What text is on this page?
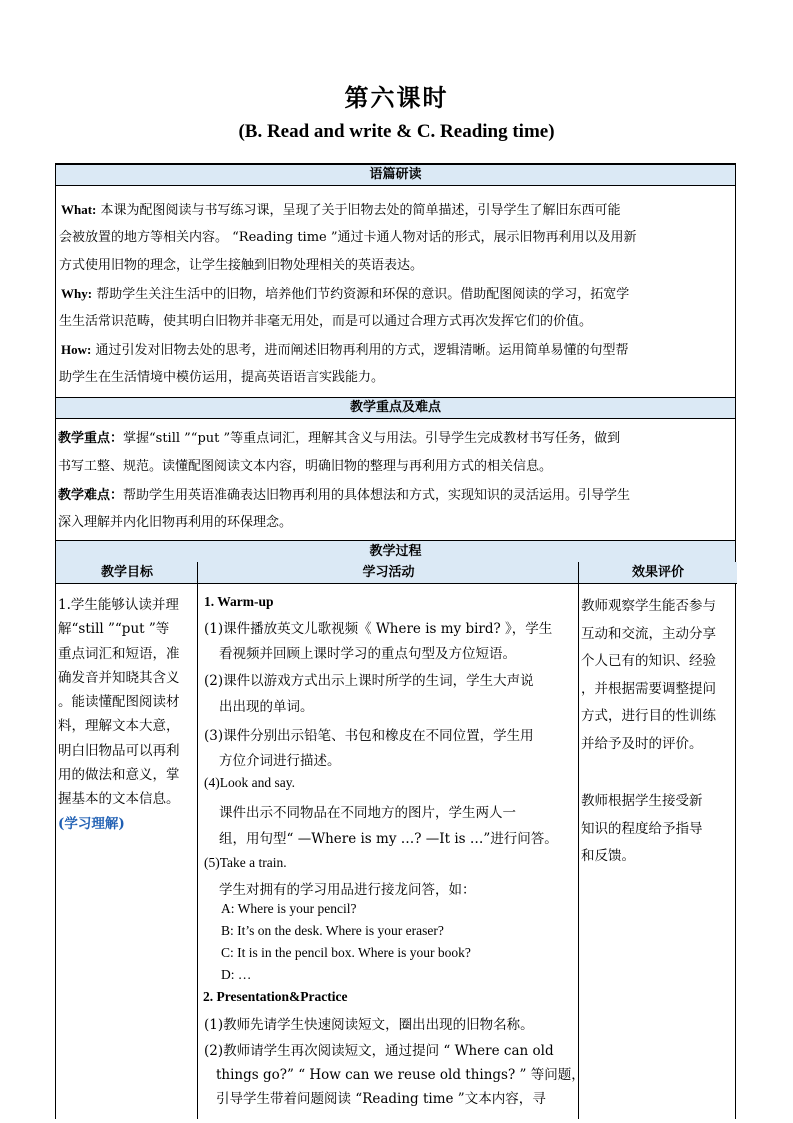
第六课时
(B. Read and write & C. Reading time)
语篇研读
What: 本课为配图阅读与书写练习课，呈现了关于旧物去处的简单描述，引导学生了解旧东西可能
会被放置的地方等相关内容。 “Reading time ”通过卡通人物对话的形式，展示旧物再利用以及用新
方式使用旧物的理念，让学生接触到旧物处理相关的英语表达。
Why: 帮助学生关注生活中的旧物，培养他们节约资源和环保的意识。借助配图阅读的学习，拓宽学
生生活常识范畴，使其明白旧物并非毫无用处，而是可以通过合理方式再次发挥它们的价值。
How: 通过引发对旧物去处的思考，进而阐述旧物再利用的方式，逻辑清晰。运用简单易懂的句型帮
助学生在生活情境中模仿运用，提高英语语言实践能力。
教学重点及难点
教学重点：掌握“still ”“put ”等重点词汇，理解其含义与用法。引导学生完成教材书写任务，做到
书写工整、规范。读懂配图阅读文本内容，明确旧物的整理与再利用方式的相关信息。
教学难点：帮助学生用英语准确表达旧物再利用的具体想法和方式，实现知识的灵活运用。引导学生
深入理解并内化旧物再利用的环保理念。
教学过程
教学目标	学习活动	效果评价
1.学生能够认读并理
解“still ”“put ”等
重点词汇和短语，准
确发音并知晓其含义
。能读懂配图阅读材
料，理解文本大意，
明白旧物品可以再利
用的做法和意义，掌
握基本的文本信息。
(学习理解)
1. Warm-up
(1)课件播放英文儿歌视频《 Where is my bird? 》，学生
看视频并回顾上课时学习的重点句型及方位短语。
(2)课件以游戏方式出示上课时所学的生词，学生大声说
出出现的单词。
(3)课件分别出示铅笔、书包和橡皮在不同位置，学生用
方位介词进行描述。
(4)Look and say.
课件出示不同物品在不同地方的图片，学生两人一
组，用句型“ —Where is my …? —It is …”进行问答。
(5)Take a train.
学生对拥有的学习用品进行接龙问答，如：
A: Where is your pencil?
B: It’s on the desk. Where is your eraser?
C: It is in the pencil box. Where is your book?
D: …
2. Presentation&Practice
(1)教师先请学生快速阅读短文，圈出出现的旧物名称。
(2)教师请学生再次阅读短文，通过提问 “ Where can old
things go?” “ How can we reuse old things? ” 等问题，
引导学生带着问题阅读 “Reading time ”文本内容，寻
教师观察学生能否参与
互动和交流，主动分享
个人已有的知识、经验
，并根据需要调整提问
方式，进行目的性训练
并给予及时的评价。
教师根据学生接受新
知识的程度给予指导
和反馈。
